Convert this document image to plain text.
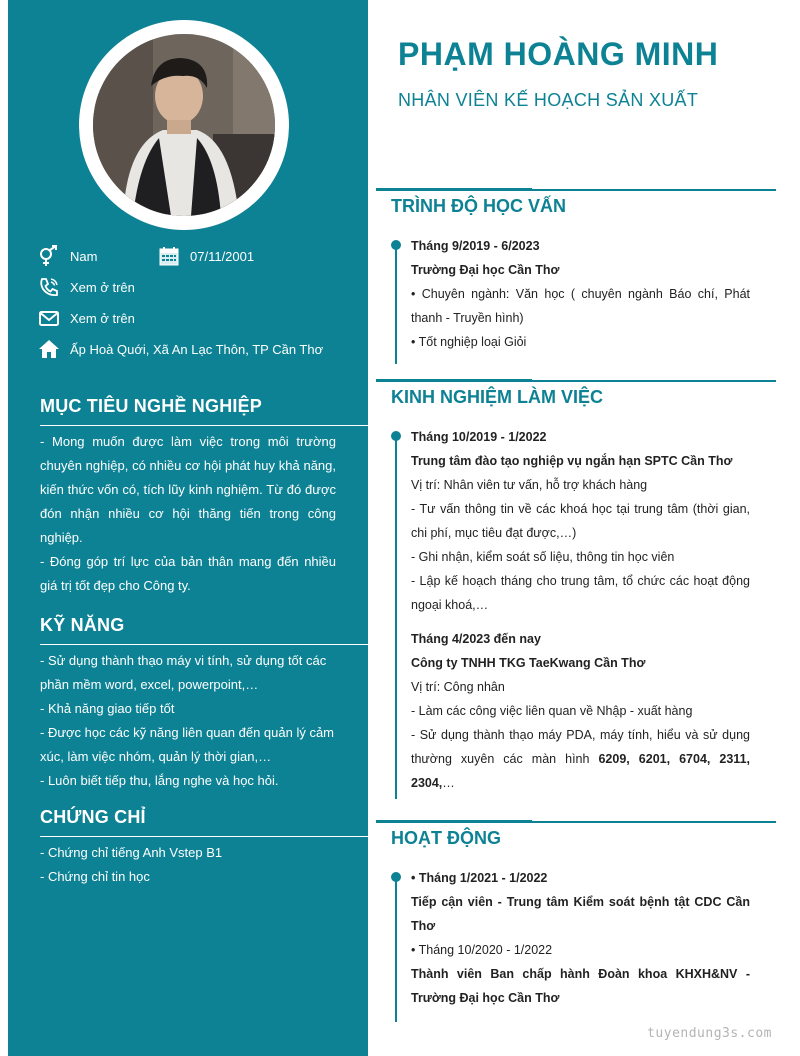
Nam	07/11/2001
Xem ở trên
Xem ở trên
Ấp Hoà Quới, Xã An Lạc Thôn, TP Cần Thơ
MỤC TIÊU NGHỀ NGHIỆP

- Mong muốn được làm việc trong môi trường chuyên nghiệp, có nhiều cơ hội phát huy khả năng, kiến thức vốn có, tích lũy kinh nghiệm. Từ đó được đón nhận nhiều cơ hội thăng tiến trong công nghiệp.

- Đóng góp trí lực của bản thân mang đến nhiều giá trị tốt đẹp cho Công ty.

KỸ NĂNG

- Sử dụng thành thạo máy vi tính, sử dụng tốt các phần mềm word, excel, powerpoint,…

- Khả năng giao tiếp tốt

- Được học các kỹ năng liên quan đến quản lý cảm xúc, làm việc nhóm, quản lý thời gian,…

- Luôn biết tiếp thu, lắng nghe và học hỏi.

CHỨNG CHỈ

- Chứng chỉ tiếng Anh Vstep B1

- Chứng chỉ tin học

PHẠM HOÀNG MINH
NHÂN VIÊN KẾ HOẠCH SẢN XUẤT
TRÌNH ĐỘ HỌC VẤN

Tháng 9/2019 - 6/2023

Trường Đại học Cần Thơ

• Chuyên ngành: Văn học ( chuyên ngành Báo chí, Phát thanh - Truyền hình)

• Tốt nghiệp loại Giỏi

KINH NGHIỆM LÀM VIỆC

Tháng 10/2019 - 1/2022

Trung tâm đào tạo nghiệp vụ ngắn hạn SPTC Cần Thơ

Vị trí: Nhân viên tư vấn, hỗ trợ khách hàng

- Tư vấn thông tin về các khoá học tại trung tâm (thời gian, chi phí, mục tiêu đạt được,…)

- Ghi nhận, kiểm soát số liệu, thông tin học viên

- Lập kế hoạch tháng cho trung tâm, tổ chức các hoạt động ngoại khoá,…

Tháng 4/2023 đến nay

Công ty TNHH TKG TaeKwang Cần Thơ

Vị trí: Công nhân

- Làm các công việc liên quan về Nhập - xuất hàng

- Sử dụng thành thạo máy PDA, máy tính, hiểu và sử dụng thường xuyên các màn hình 6209, 6201, 6704, 2311, 2304,…

HOẠT ĐỘNG

• Tháng 1/2021 - 1/2022

Tiếp cận viên - Trung tâm Kiểm soát bệnh tật CDC Cần Thơ

• Tháng 10/2020 - 1/2022

Thành viên Ban chấp hành Đoàn khoa KHXH&NV - Trường Đại học Cần Thơ

tuyendung3s.com
